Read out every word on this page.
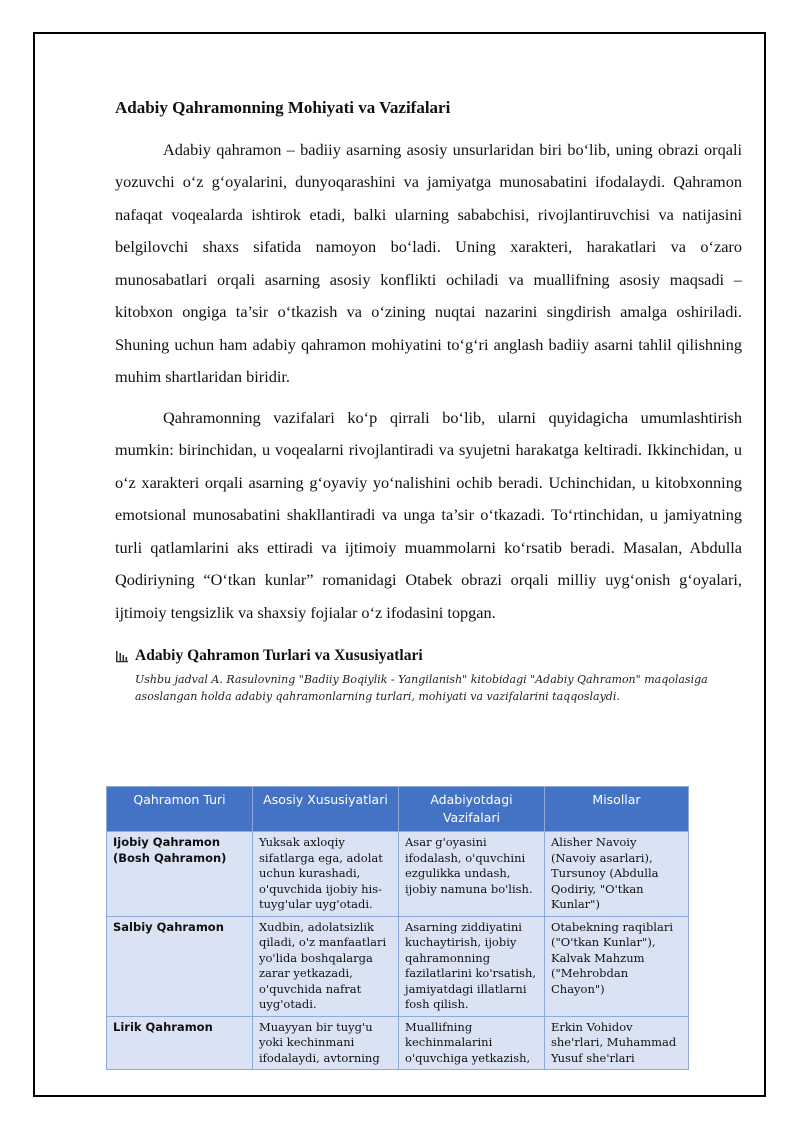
Adabiy Qahramonning Mohiyati va Vazifalari

Adabiy qahramon – badiiy asarning asosiy unsurlaridan biri bo‘lib, uning obrazi orqali yozuvchi o‘z g‘oyalarini, dunyoqarashini va jamiyatga munosabatini ifodalaydi. Qahramon nafaqat voqealarda ishtirok etadi, balki ularning sababchisi, rivojlantiruvchisi va natijasini belgilovchi shaxs sifatida namoyon bo‘ladi. Uning xarakteri, harakatlari va o‘zaro munosabatlari orqali asarning asosiy konflikti ochiladi va muallifning asosiy maqsadi – kitobxon ongiga ta’sir o‘tkazish va o‘zining nuqtai nazarini singdirish amalga oshiriladi. Shuning uchun ham adabiy qahramon mohiyatini to‘g‘ri anglash badiiy asarni tahlil qilishning muhim shartlaridan biridir.

Qahramonning vazifalari ko‘p qirrali bo‘lib, ularni quyidagicha umumlashtirish mumkin: birinchidan, u voqealarni rivojlantiradi va syujetni harakatga keltiradi. Ikkinchidan, u o‘z xarakteri orqali asarning g‘oyaviy yo‘nalishini ochib beradi. Uchinchidan, u kitobxonning emotsional munosabatini shakllantiradi va unga ta’sir o‘tkazadi. To‘rtinchidan, u jamiyatning turli qatlamlarini aks ettiradi va ijtimoiy muammolarni ko‘rsatib beradi. Masalan, Abdulla Qodiriyning “O‘tkan kunlar” romanidagi Otabek obrazi orqali milliy uyg‘onish g‘oyalari, ijtimoiy tengsizlik va shaxsiy fojialar o‘z ifodasini topgan.

Adabiy Qahramon Turlari va Xususiyatlari
Ushbu jadval A. Rasulovning "Badiiy Boqiylik - Yangilanish" kitobidagi "Adabiy Qahramon" maqolasiga asoslangan holda adabiy qahramonlarning turlari, mohiyati va vazifalarini taqqoslaydi.
Qahramon Turi	Asosiy Xususiyatlari	Adabiyotdagi Vazifalari	Misollar
Ijobiy Qahramon (Bosh Qahramon)	Yuksak axloqiy sifatlarga ega, adolat uchun kurashadi, o'quvchida ijobiy his-tuyg'ular uyg'otadi.	Asar g'oyasini ifodalash, o'quvchini ezgulikka undash, ijobiy namuna bo'lish.	Alisher Navoiy (Navoiy asarlari), Tursunoy (Abdulla Qodiriy, "O'tkan Kunlar")
Salbiy Qahramon	Xudbin, adolatsizlik qiladi, o'z manfaatlari yo'lida boshqalarga zarar yetkazadi, o'quvchida nafrat uyg'otadi.	Asarning ziddiyatini kuchaytirish, ijobiy qahramonning fazilatlarini ko'rsatish, jamiyatdagi illatlarni fosh qilish.	Otabekning raqiblari ("O'tkan Kunlar"), Kalvak Mahzum ("Mehrobdan Chayon")
Lirik Qahramon	Muayyan bir tuyg'u yoki kechinmani ifodalaydi, avtorning	Muallifning kechinmalarini o'quvchiga yetkazish,	Erkin Vohidov she'rlari, Muhammad Yusuf she'rlari
